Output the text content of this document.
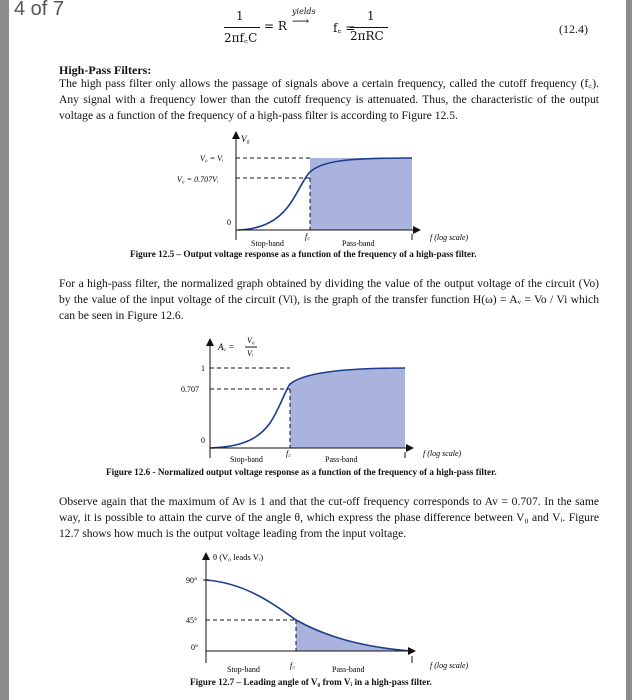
4 of 7	1
2πf꜀C
= R
yields
⟶ f꜀ =
1
2πRC	(12.4)
High-Pass Filters:
The high pass filter only allows the passage of signals above a certain frequency, called the cutoff frequency (f꜀). Any signal with a frequency lower than the cutoff frequency is attenuated. Thus, the characteristic of the output voltage as a function of the frequency of a high-pass filter is according to Figure 12.5.
V₀
V₀ = Vᵢ
V₀ = 0.707Vᵢ
0
Stop-band
f꜀
Pass-band
f (log scale)
Figure 12.5 – Output voltage response as a function of the frequency of a high-pass filter.
For a high-pass filter, the normalized graph obtained by dividing the value of the output voltage of the circuit (Vo) by the value of the input voltage of the circuit (Vi), is the graph of the transfer function H(ω) = Aᵥ = Vo / Vi which can be seen in Figure 12.6.
Aᵥ =
V₀
Vᵢ
1
0.707
0
Stop-band
f꜀
Pass-band
f (log scale)
Figure 12.6 - Normalized output voltage response as a function of the frequency of a high-pass filter.
Observe again that the maximum of Av is 1 and that the cut-off frequency corresponds to Av = 0.707. In the same way, it is possible to attain the curve of the angle θ, which express the phase difference between V₀ and Vᵢ. Figure 12.7 shows how much is the output voltage leading from the input voltage.
θ (V₀ leads Vᵢ)
90°
45°
0°
Stop-band	f꜀	Pass-band	f (log scale)
Figure 12.7 – Leading angle of V₀ from Vᵢ in a high-pass filter.
